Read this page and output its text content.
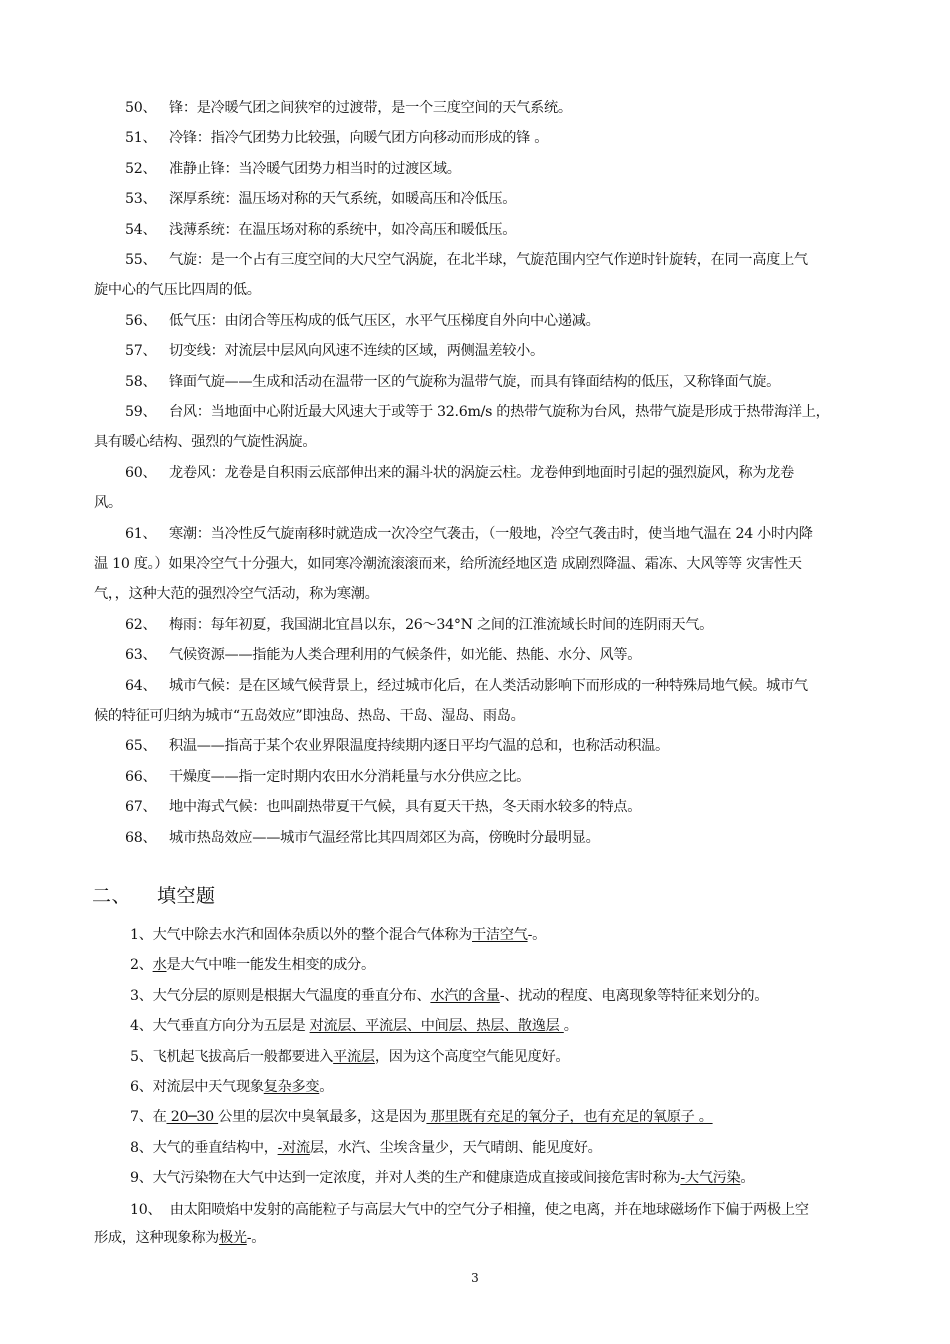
50、 锋：是冷暖气团之间狭窄的过渡带，是一个三度空间的天气系统。
51、 冷锋：指冷气团势力比较强，向暖气团方向移动而形成的锋 。
52、 准静止锋：当冷暖气团势力相当时的过渡区域。
53、 深厚系统：温压场对称的天气系统，如暖高压和冷低压。
54、 浅薄系统：在温压场对称的系统中，如冷高压和暖低压。
55、 气旋：是一个占有三度空间的大尺空气涡旋，在北半球，气旋范围内空气作逆时针旋转，在同一高度上气
旋中心的气压比四周的低。
56、 低气压：由闭合等压构成的低气压区，水平气压梯度自外向中心递减。
57、 切变线：对流层中层风向风速不连续的区域，两侧温差较小。
58、 锋面气旋——生成和活动在温带一区的气旋称为温带气旋，而具有锋面结构的低压，又称锋面气旋。
59、 台风：当地面中心附近最大风速大于或等于 32.6m/s 的热带气旋称为台风，热带气旋是形成于热带海洋上，
具有暖心结构、强烈的气旋性涡旋。
60、 龙卷风：龙卷是自积雨云底部伸出来的漏斗状的涡旋云柱。龙卷伸到地面时引起的强烈旋风，称为龙卷
风。
61、 寒潮：当冷性反气旋南移时就造成一次冷空气袭击，（一般地，冷空气袭击时，使当地气温在 24 小时内降
温 10 度。）如果冷空气十分强大，如同寒冷潮流滚滚而来，给所流经地区造 成剧烈降温、霜冻、大风等等 灾害性天
气，，这种大范的强烈冷空气活动，称为寒潮。
62、 梅雨：每年初夏，我国湖北宜昌以东，26～34°N 之间的江淮流域长时间的连阴雨天气。
63、 气候资源——指能为人类合理利用的气候条件，如光能、热能、水分、风等。
64、 城市气候：是在区域气候背景上，经过城市化后，在人类活动影响下而形成的一种特殊局地气候。城市气
候的特征可归纳为城市“五岛效应”即浊岛、热岛、干岛、湿岛、雨岛。
65、 积温——指高于某个农业界限温度持续期内逐日平均气温的总和，也称活动积温。
66、 干燥度——指一定时期内农田水分消耗量与水分供应之比。
67、 地中海式气候：也叫副热带夏干气候，具有夏天干热，冬天雨水较多的特点。
68、 城市热岛效应——城市气温经常比其四周郊区为高，傍晚时分最明显。
二、 填空题
1、大气中除去水汽和固体杂质以外的整个混合气体称为干洁空气-。
2、水是大气中唯一能发生相变的成分。
3、大气分层的原则是根据大气温度的垂直分布、水汽的含量-、扰动的程度、电离现象等特征来划分的。
4、大气垂直方向分为五层是 对流层、平流层、中间层、热层、散逸层 。
5、飞机起飞拔高后一般都要进入平流层，因为这个高度空气能见度好。
6、对流层中天气现象复杂多变。
7、在 20─30 公里的层次中臭氧最多，这是因为 那里既有充足的氧分子，也有充足的氧原子 。
8、大气的垂直结构中，-对流层，水汽、尘埃含量少，天气晴朗、能见度好。
9、大气污染物在大气中达到一定浓度，并对人类的生产和健康造成直接或间接危害时称为-大气污染。
10、 由太阳喷焰中发射的高能粒子与高层大气中的空气分子相撞，使之电离，并在地球磁场作下偏于两极上空
形成，这种现象称为极光-。
3
